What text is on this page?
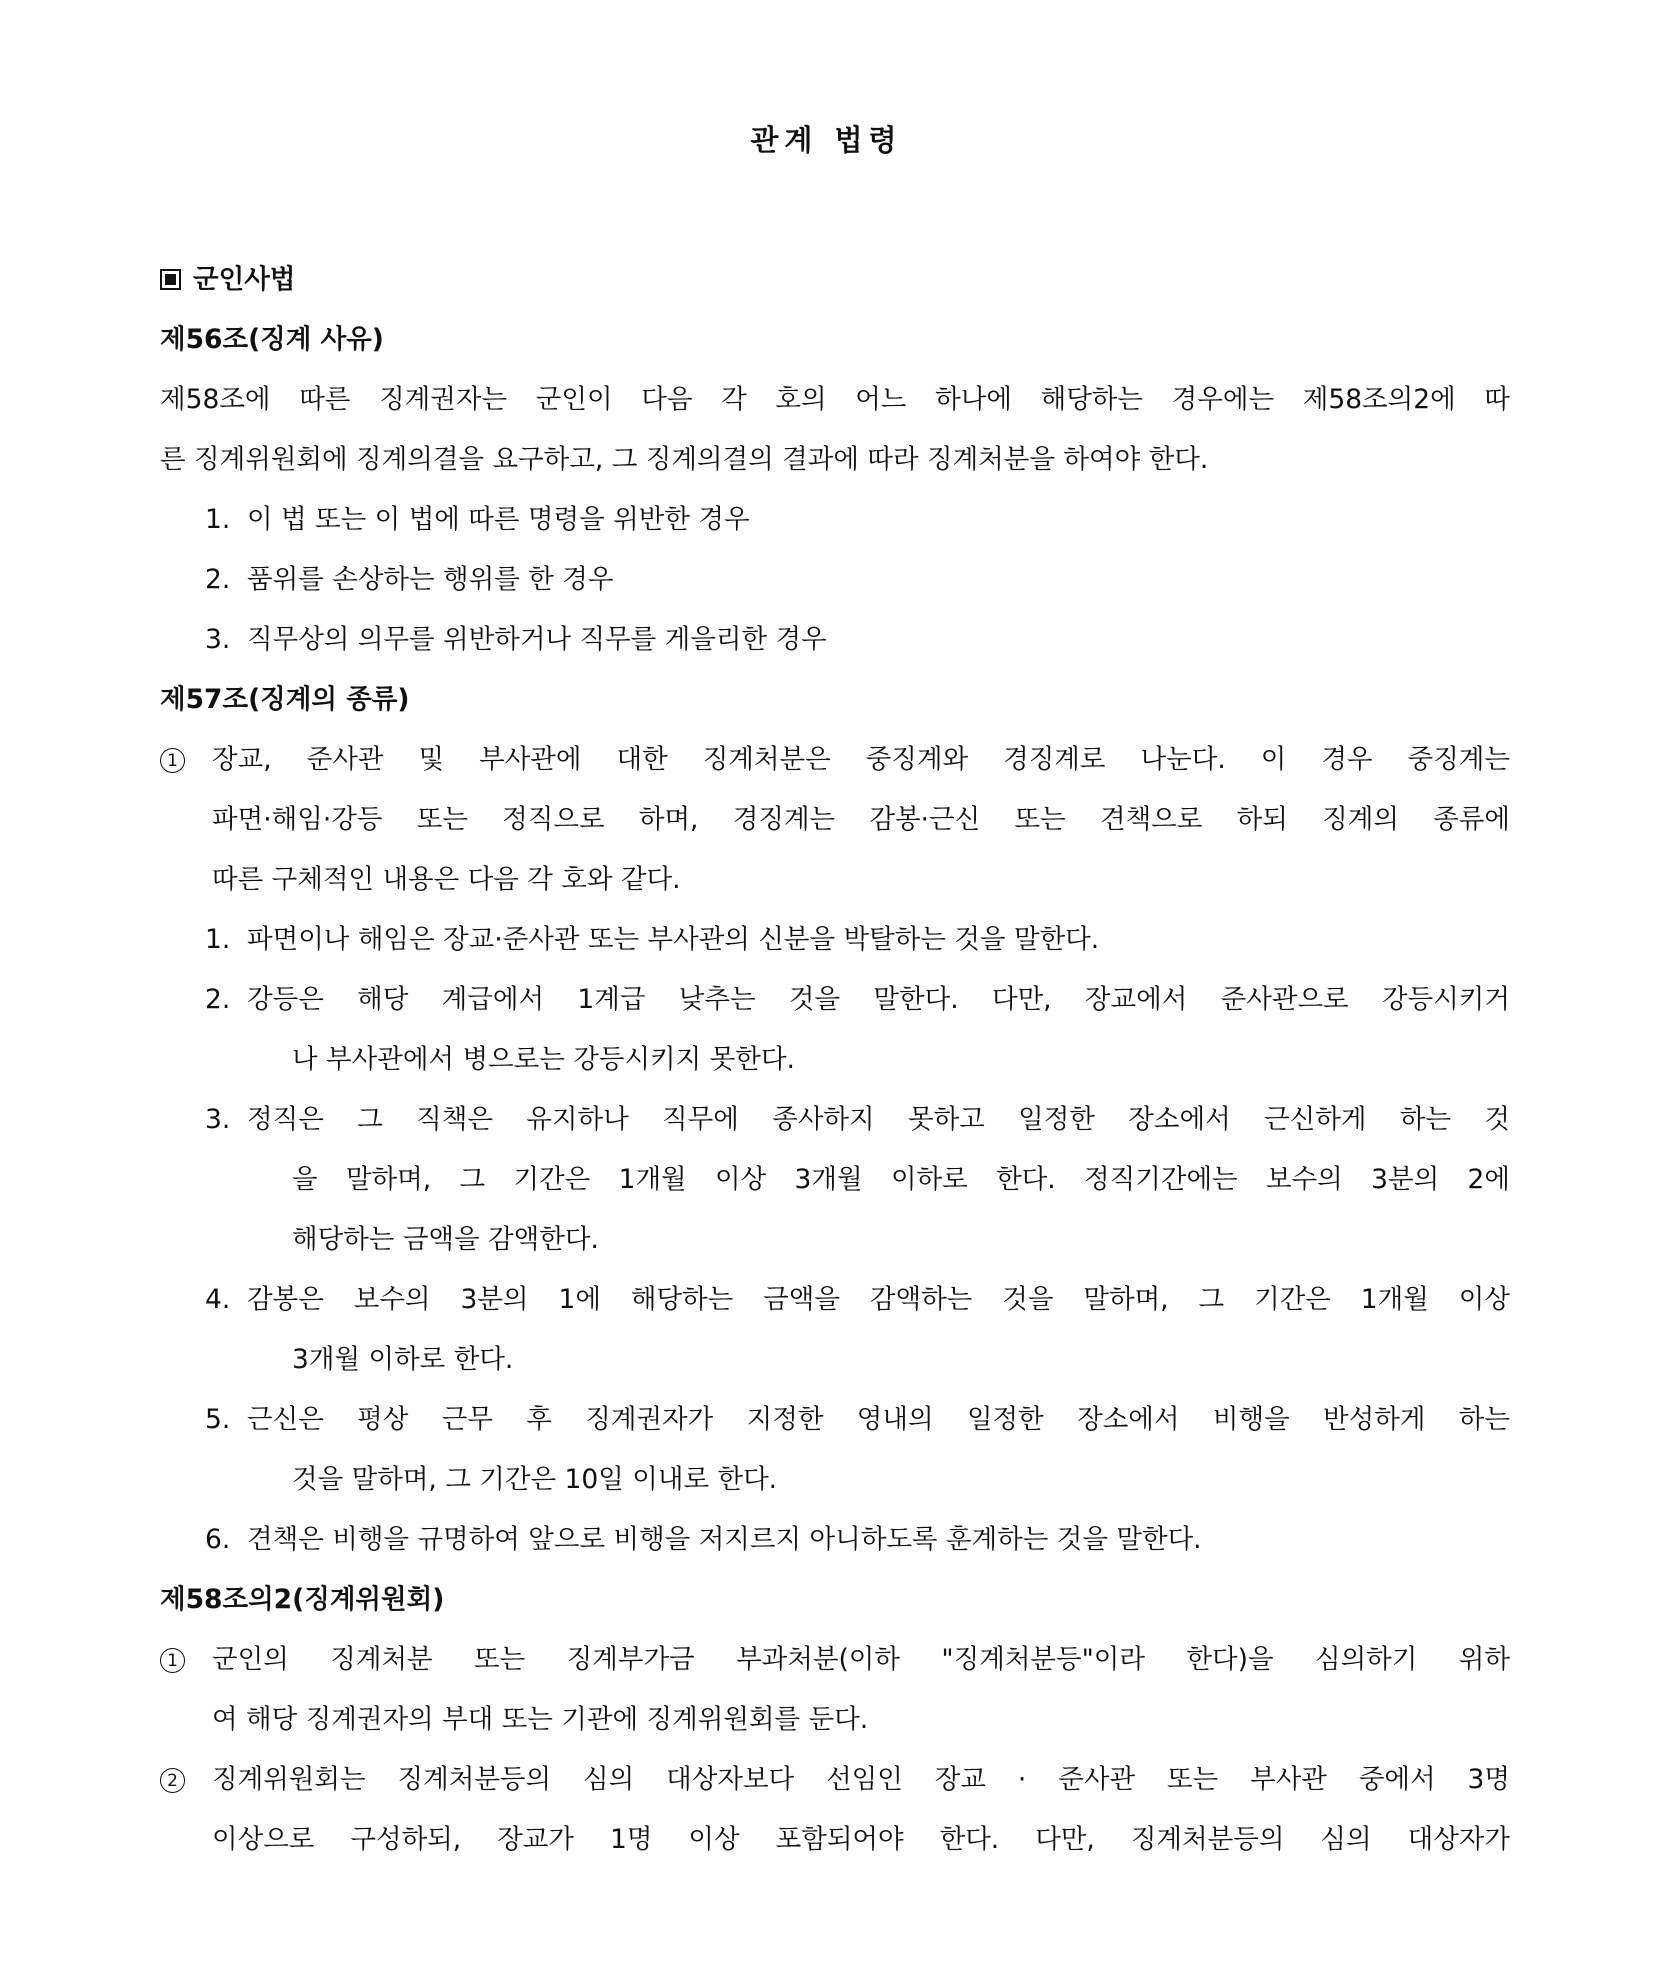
관계 법령
군인사법
제56조(징계 사유)
제58조에 따른 징계권자는 군인이 다음 각 호의 어느 하나에 해당하는 경우에는 제58조의2에 따
른 징계위원회에 징계의결을 요구하고, 그 징계의결의 결과에 따라 징계처분을 하여야 한다.
1. 이 법 또는 이 법에 따른 명령을 위반한 경우
2. 품위를 손상하는 행위를 한 경우
3. 직무상의 의무를 위반하거나 직무를 게을리한 경우
제57조(징계의 종류)
1 장교, 준사관 및 부사관에 대한 징계처분은 중징계와 경징계로 나눈다. 이 경우 중징계는
파면·해임·강등 또는 정직으로 하며, 경징계는 감봉·근신 또는 견책으로 하되 징계의 종류에
따른 구체적인 내용은 다음 각 호와 같다.
1. 파면이나 해임은 장교·준사관 또는 부사관의 신분을 박탈하는 것을 말한다.
2. 강등은 해당 계급에서 1계급 낮추는 것을 말한다. 다만, 장교에서 준사관으로 강등시키거
나 부사관에서 병으로는 강등시키지 못한다.
3. 정직은 그 직책은 유지하나 직무에 종사하지 못하고 일정한 장소에서 근신하게 하는 것
을 말하며, 그 기간은 1개월 이상 3개월 이하로 한다. 정직기간에는 보수의 3분의 2에
해당하는 금액을 감액한다.
4. 감봉은 보수의 3분의 1에 해당하는 금액을 감액하는 것을 말하며, 그 기간은 1개월 이상
3개월 이하로 한다.
5. 근신은 평상 근무 후 징계권자가 지정한 영내의 일정한 장소에서 비행을 반성하게 하는
것을 말하며, 그 기간은 10일 이내로 한다.
6. 견책은 비행을 규명하여 앞으로 비행을 저지르지 아니하도록 훈계하는 것을 말한다.
제58조의2(징계위원회)
1 군인의 징계처분 또는 징계부가금 부과처분(이하 "징계처분등"이라 한다)을 심의하기 위하
여 해당 징계권자의 부대 또는 기관에 징계위원회를 둔다.
2 징계위원회는 징계처분등의 심의 대상자보다 선임인 장교 · 준사관 또는 부사관 중에서 3명
이상으로 구성하되, 장교가 1명 이상 포함되어야 한다. 다만, 징계처분등의 심의 대상자가
